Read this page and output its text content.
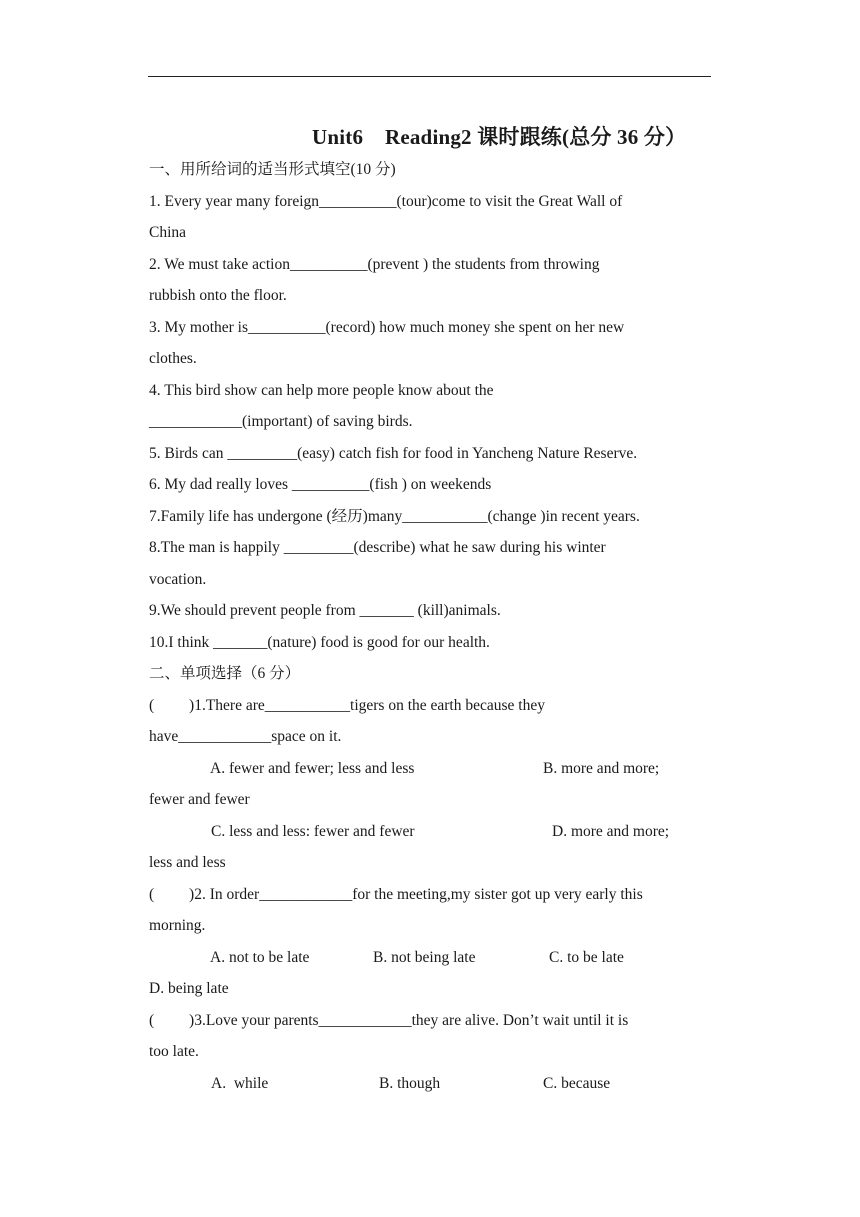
Unit6    Reading2 课时跟练(总分 36 分）
一、用所给词的适当形式填空(10 分)
1. Every year many foreign__________(tour)come to visit the Great Wall of
China
2. We must take action__________(prevent ) the students from throwing
rubbish onto the floor.
3. My mother is__________(record) how much money she spent on her new
clothes.
4. This bird show can help more people know about the
____________(important) of saving birds.
5. Birds can _________(easy) catch fish for food in Yancheng Nature Reserve.
6. My dad really loves __________(fish ) on weekends
7.Family life has undergone (经历)many___________(change )in recent years.
8.The man is happily _________(describe) what he saw during his winter
vocation.
9.We should prevent people from _______ (kill)animals.
10.I think _______(nature) food is good for our health.
二、单项选择（6 分）
(         )1.There are___________tigers on the earth because they
have____________space on it.
A. fewer and fewer; less and less	B. more and more;
fewer and fewer
C. less and less: fewer and fewer	D. more and more;
less and less
(         )2. In order____________for the meeting,my sister got up very early this
morning.
A. not to be late	B. not being late	C. to be late
D. being late
(         )3.Love your parents____________they are alive. Don’t wait until it is
too late.
A.  while	B. though	C. because
